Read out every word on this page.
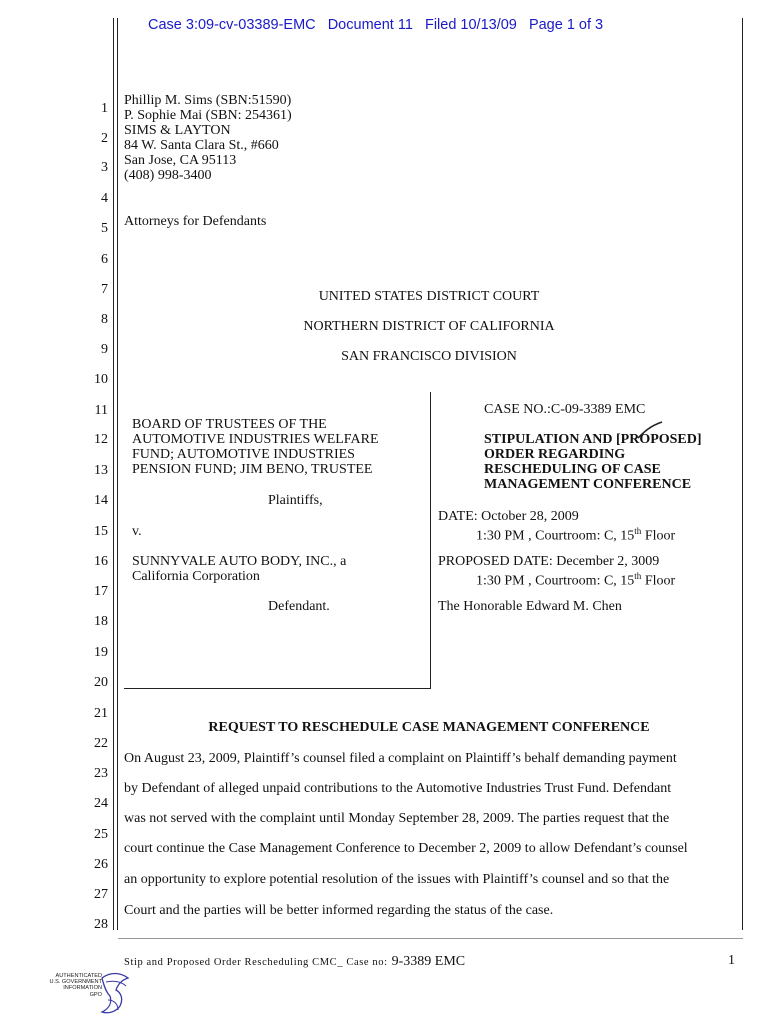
Case 3:09-cv-03389-EMC   Document 11   Filed 10/13/09   Page 1 of 3
1
2
3
4
5
6
7
8
9
10
11
12
13
14
15
16
17
18
19
20
21
22
23
24
25
26
27
28
Phillip M. Sims (SBN:51590)
P. Sophie Mai (SBN: 254361)
SIMS & LAYTON
84 W. Santa Clara St., #660
San Jose, CA 95113
(408) 998-3400
Attorneys for Defendants
UNITED STATES DISTRICT COURT
NORTHERN DISTRICT OF CALIFORNIA
SAN FRANCISCO DIVISION
BOARD OF TRUSTEES OF THE
AUTOMOTIVE INDUSTRIES WELFARE
FUND; AUTOMOTIVE INDUSTRIES
PENSION FUND; JIM BENO, TRUSTEE
Plaintiffs,
v.
SUNNYVALE AUTO BODY, INC., a
California Corporation
Defendant.
CASE NO.:C-09-3389 EMC
STIPULATION AND [PROPOSED]
ORDER REGARDING
RESCHEDULING OF CASE
MANAGEMENT CONFERENCE
DATE: October 28, 2009
1:30 PM , Courtroom: C, 15th Floor
PROPOSED DATE: December 2, 3009
1:30 PM , Courtroom: C, 15th Floor
The Honorable Edward M. Chen
REQUEST TO RESCHEDULE CASE MANAGEMENT CONFERENCE
On August 23, 2009, Plaintiff’s counsel filed a complaint on Plaintiff’s behalf demanding payment
by Defendant of alleged unpaid contributions to the Automotive Industries Trust Fund. Defendant
was not served with the complaint until Monday September 28, 2009. The parties request that the
court continue the Case Management Conference to December 2, 2009 to allow Defendant’s counsel
an opportunity to explore potential resolution of the issues with Plaintiff’s counsel and so that the
Court and the parties will be better informed regarding the status of the case.
Stip and Proposed Order Rescheduling CMC_ Case no: 9-3389 EMC	1
AUTHENTICATED
U.S. GOVERNMENT
INFORMATION
GPO
